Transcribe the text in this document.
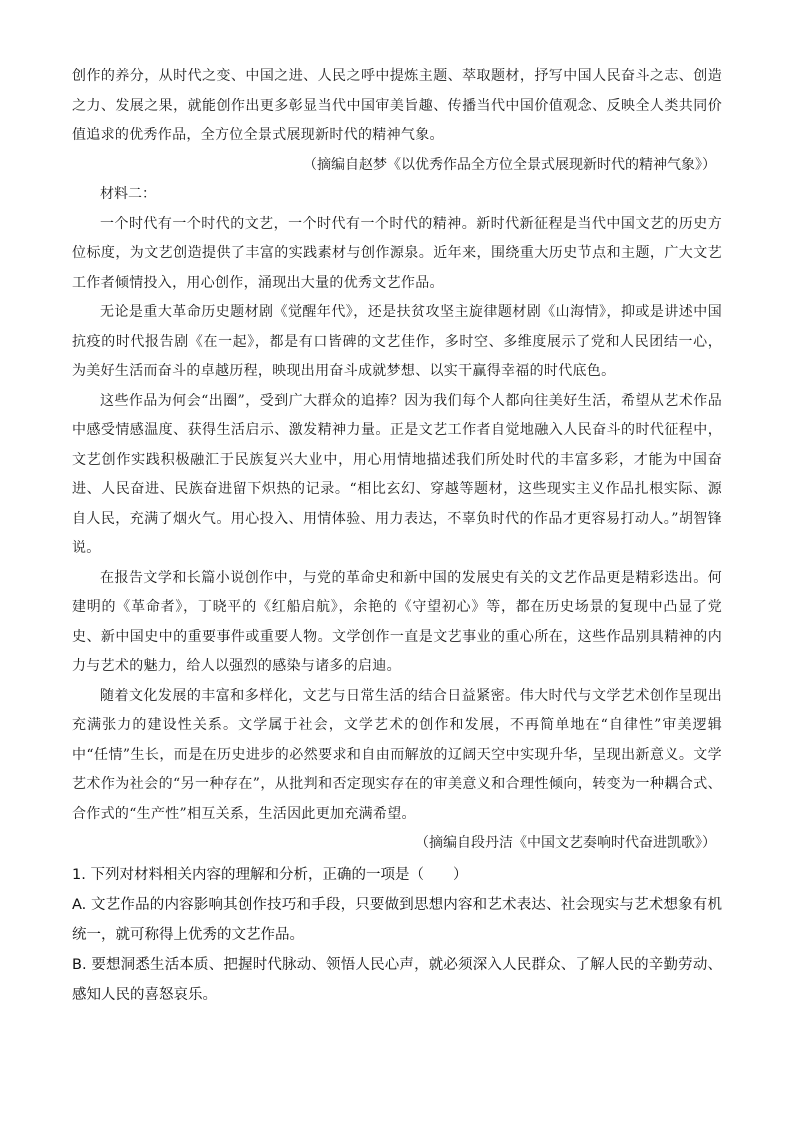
创作的养分，从时代之变、中国之进、人民之呼中提炼主题、萃取题材，抒写中国人民奋斗之志、创造之力、发展之果，就能创作出更多彰显当代中国审美旨趣、传播当代中国价值观念、反映全人类共同价值追求的优秀作品，全方位全景式展现新时代的精神气象。

（摘编自赵梦《以优秀作品全方位全景式展现新时代的精神气象》）

材料二：

一个时代有一个时代的文艺，一个时代有一个时代的精神。新时代新征程是当代中国文艺的历史方位标度，为文艺创造提供了丰富的实践素材与创作源泉。近年来，围绕重大历史节点和主题，广大文艺工作者倾情投入，用心创作，涌现出大量的优秀文艺作品。

无论是重大革命历史题材剧《觉醒年代》，还是扶贫攻坚主旋律题材剧《山海情》，抑或是讲述中国抗疫的时代报告剧《在一起》，都是有口皆碑的文艺佳作，多时空、多维度展示了党和人民团结一心，为美好生活而奋斗的卓越历程，映现出用奋斗成就梦想、以实干赢得幸福的时代底色。

这些作品为何会“出圈”，受到广大群众的追捧？因为我们每个人都向往美好生活，希望从艺术作品中感受情感温度、获得生活启示、激发精神力量。正是文艺工作者自觉地融入人民奋斗的时代征程中，文艺创作实践积极融汇于民族复兴大业中，用心用情地描述我们所处时代的丰富多彩，才能为中国奋进、人民奋进、民族奋进留下炽热的记录。“相比玄幻、穿越等题材，这些现实主义作品扎根实际、源自人民，充满了烟火气。用心投入、用情体验、用力表达，不辜负时代的作品才更容易打动人。”胡智锋说。

在报告文学和长篇小说创作中，与党的革命史和新中国的发展史有关的文艺作品更是精彩迭出。何建明的《革命者》，丁晓平的《红船启航》，余艳的《守望初心》等，都在历史场景的复现中凸显了党史、新中国史中的重要事件或重要人物。文学创作一直是文艺事业的重心所在，这些作品别具精神的内力与艺术的魅力，给人以强烈的感染与诸多的启迪。

随着文化发展的丰富和多样化，文艺与日常生活的结合日益紧密。伟大时代与文学艺术创作呈现出充满张力的建设性关系。文学属于社会，文学艺术的创作和发展，不再简单地在“自律性”审美逻辑中“任情”生长，而是在历史进步的必然要求和自由而解放的辽阔天空中实现升华，呈现出新意义。文学艺术作为社会的“另一种存在”，从批判和否定现实存在的审美意义和合理性倾向，转变为一种耦合式、合作式的“生产性”相互关系，生活因此更加充满希望。

（摘编自段丹洁《中国文艺奏响时代奋进凯歌》）

1. 下列对材料相关内容的理解和分析，正确的一项是（　　）

A. 文艺作品的内容影响其创作技巧和手段，只要做到思想内容和艺术表达、社会现实与艺术想象有机统一，就可称得上优秀的文艺作品。

B. 要想洞悉生活本质、把握时代脉动、领悟人民心声，就必须深入人民群众、了解人民的辛勤劳动、感知人民的喜怒哀乐。
